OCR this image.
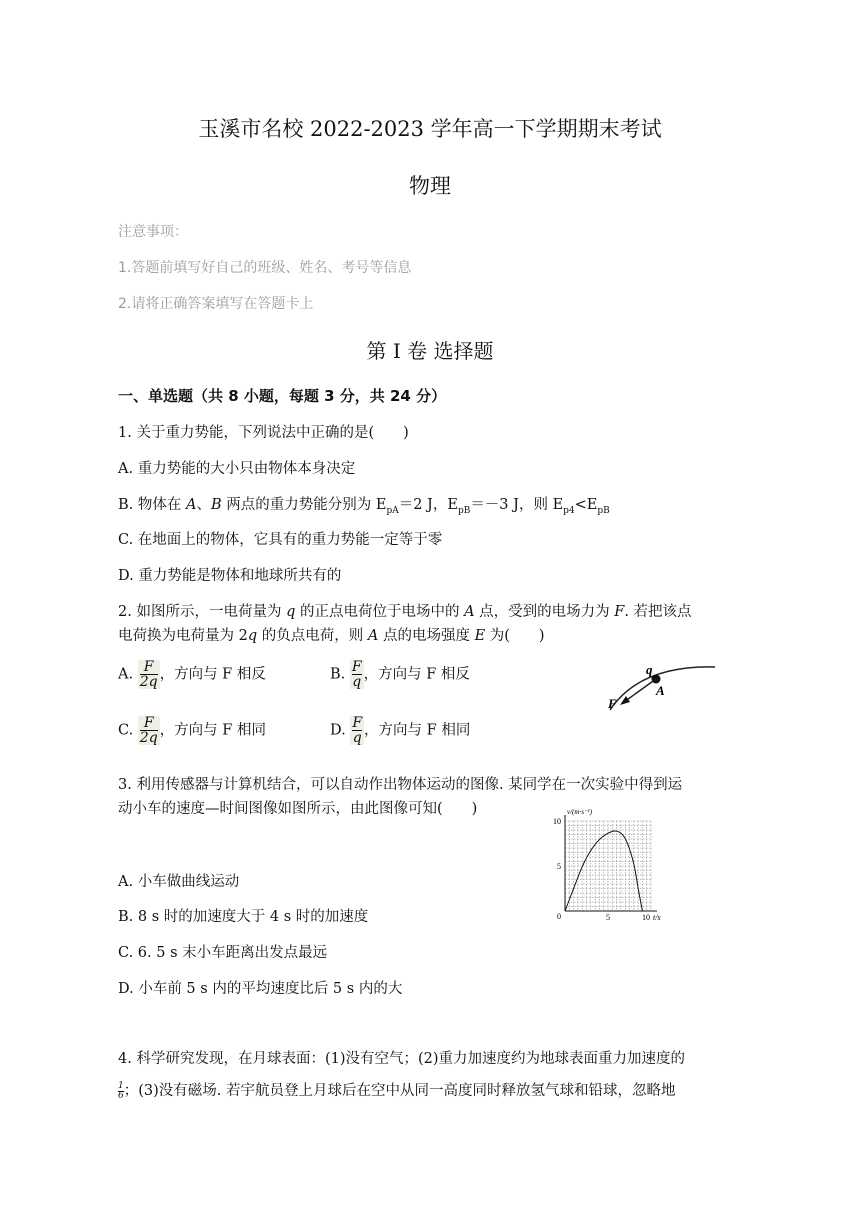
玉溪市名校 2022-2023 学年高一下学期期末考试
物理
注意事项：
1.答题前填写好自己的班级、姓名、考号等信息
2.请将正确答案填写在答题卡上
第 I 卷 选择题
一、单选题（共 8 小题，每题 3 分，共 24 分）
1. 关于重力势能，下列说法中正确的是(　　)
A. 重力势能的大小只由物体本身决定
B. 物体在 A、B 两点的重力势能分别为 $E_{pA}=2$ J，$E_{pB}=-3$ J，则 $E_{p4}<E_{pB}$
C. 在地面上的物体，它具有的重力势能一定等于零
D. 重力势能是物体和地球所共有的
2. 如图所示，一电荷量为 q 的正点电荷位于电场中的 A 点，受到的电场力为 F. 若把该点
电荷换为电荷量为 2q 的负点电荷，则 A 点的电场强度 E 为(　　)
A. $\frac{F}{2q}$ ，方向与 F 相反	B. $\frac{F}{q}$ ，方向与 F 相反
C. $\frac{F}{2q}$ ，方向与 F 相同	D. $\frac{F}{q}$ ，方向与 F 相同
q
A
F
3. 利用传感器与计算机结合，可以自动作出物体运动的图像. 某同学在一次实验中得到运
动小车的速度—时间图像如图所示，由此图像可知(　　)
A. 小车做曲线运动
B. 8 s 时的加速度大于 4 s 时的加速度
C. 6. 5 s 末小车距离出发点最远
D. 小车前 5 s 内的平均速度比后 5 s 内的大
v/(m·s⁻¹)
t/s
0	5	10
5
10
4. 科学研究发现，在月球表面：(1)没有空气；(2)重力加速度约为地球表面重力加速度的
$\frac{1}{6}$；(3)没有磁场. 若宇航员登上月球后在空中从同一高度同时释放氢气球和铅球，忽略地
